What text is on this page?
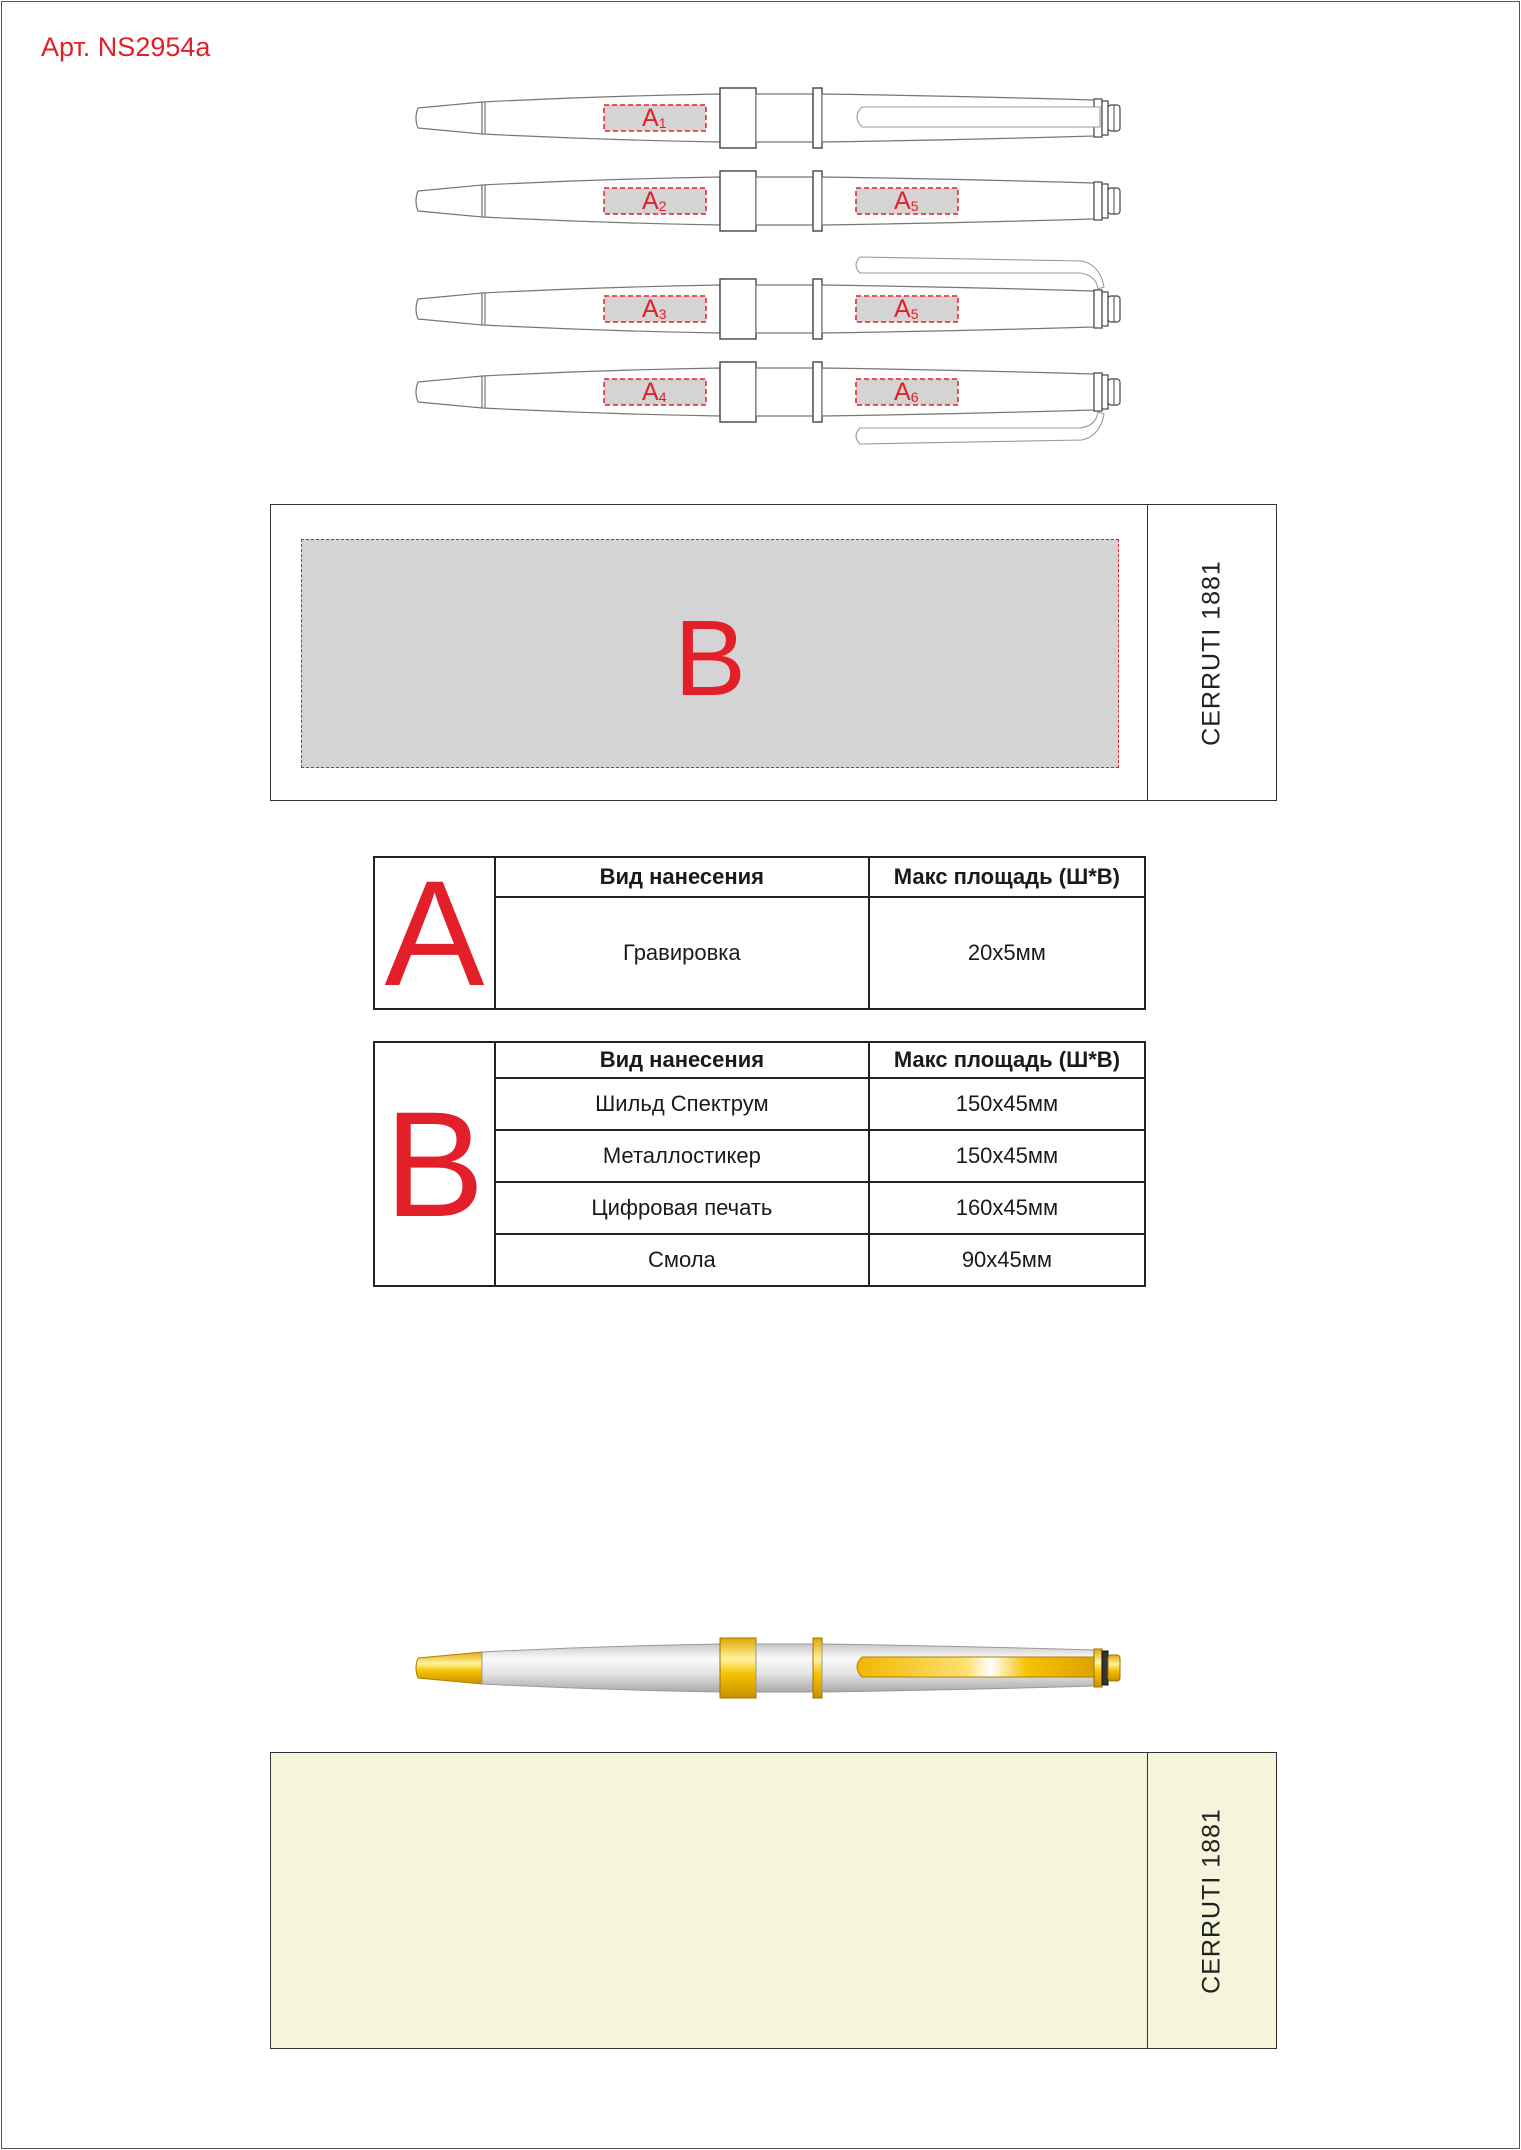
Арт. NS2954a
$A_1$
$A_2$	$A_5$
$A_3$	$A_5$
$A_4$	$A_6$
B	CERRUTI 1881
A	Вид нанесения	Макс площадь (Ш*В)
	Гравировка	20x5мм
B	Вид нанесения	Макс площадь (Ш*В)
	Шильд Спектрум	150x45мм
	Металлостикер	150x45мм
	Цифровая печать	160x45мм
	Смола	90x45мм
CERRUTI 1881
